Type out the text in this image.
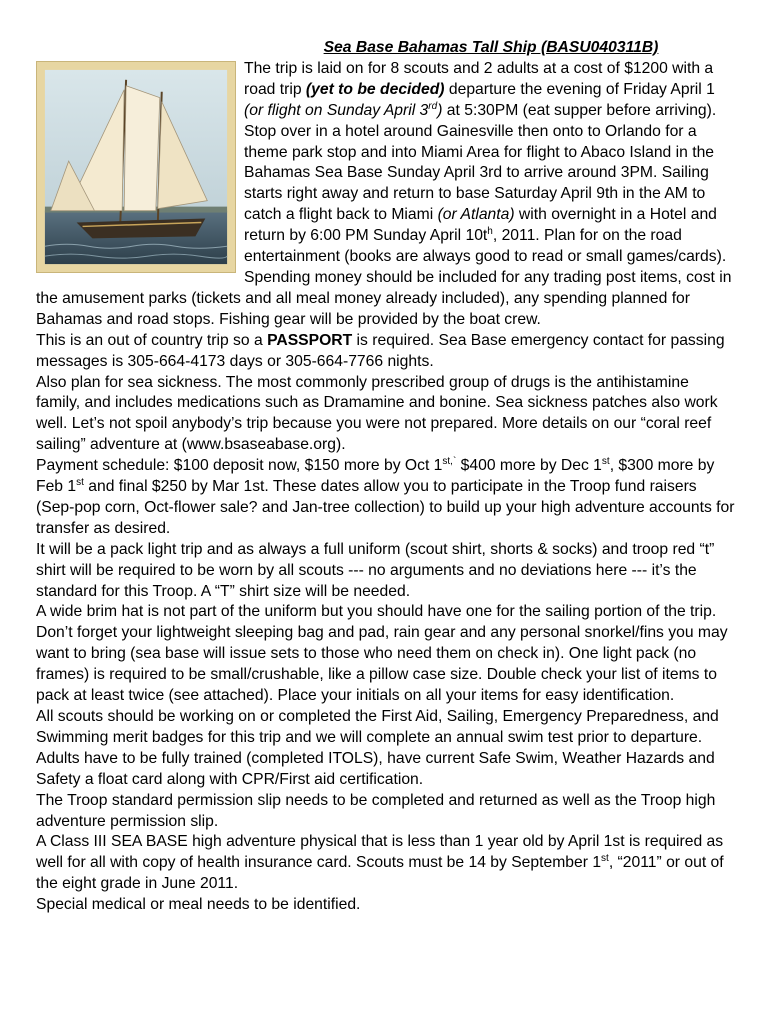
Sea Base Bahamas Tall Ship (BASU040311B)

The trip is laid on for 8 scouts and 2 adults at a cost of $1200 with a road trip (yet to be decided) departure the evening of Friday April 1 (or flight on Sunday April 3rd) at 5:30PM (eat supper before arriving). Stop over in a hotel around Gainesville then onto to Orlando for a theme park stop and into Miami Area for flight to Abaco Island in the Bahamas Sea Base Sunday April 3rd to arrive around 3PM. Sailing starts right away and return to base Saturday April 9th in the AM to catch a flight back to Miami (or Atlanta) with overnight in a Hotel and return by 6:00 PM Sunday April $10t^h$, 2011. Plan for on the road entertainment (books are always good to read or small games/cards). Spending money should be included for any trading post items, cost in the amusement parks (tickets and all meal money already included), any spending planned for Bahamas and road stops. Fishing gear will be provided by the boat crew.

This is an out of country trip so a PASSPORT is required. Sea Base emergency contact for passing messages is 305-664-4173 days or 305-664-7766 nights.

Also plan for sea sickness. The most commonly prescribed group of drugs is the antihistamine family, and includes medications such as Dramamine and bonine. Sea sickness patches also work well. Let’s not spoil anybody’s trip because you were not prepared. More details on our “coral reef sailing” adventure at (www.bsaseabase.org).

Payment schedule: $100 deposit now, $150 more by Oct $1^{st,`}$ $400 more by Dec 1st, $300 more by Feb 1st and final $250 by Mar 1st. These dates allow you to participate in the Troop fund raisers (Sep-pop corn, Oct-flower sale? and Jan-tree collection) to build up your high adventure accounts for transfer as desired.

It will be a pack light trip and as always a full uniform (scout shirt, shorts & socks) and troop red “t” shirt will be required to be worn by all scouts --- no arguments and no deviations here --- it’s the standard for this Troop. A “T” shirt size will be needed.

A wide brim hat is not part of the uniform but you should have one for the sailing portion of the trip. Don’t forget your lightweight sleeping bag and pad, rain gear and any personal snorkel/fins you may want to bring (sea base will issue sets to those who need them on check in). One light pack (no frames) is required to be small/crushable, like a pillow case size. Double check your list of items to pack at least twice (see attached). Place your initials on all your items for easy identification.

All scouts should be working on or completed the First Aid, Sailing, Emergency Preparedness, and Swimming merit badges for this trip and we will complete an annual swim test prior to departure. Adults have to be fully trained (completed ITOLS), have current Safe Swim, Weather Hazards and Safety a float card along with CPR/First aid certification.

The Troop standard permission slip needs to be completed and returned as well as the Troop high adventure permission slip.

A Class III SEA BASE high adventure physical that is less than 1 year old by April 1st is required as well for all with copy of health insurance card. Scouts must be 14 by September 1st, “2011” or out of the eight grade in June 2011.

Special medical or meal needs to be identified.
